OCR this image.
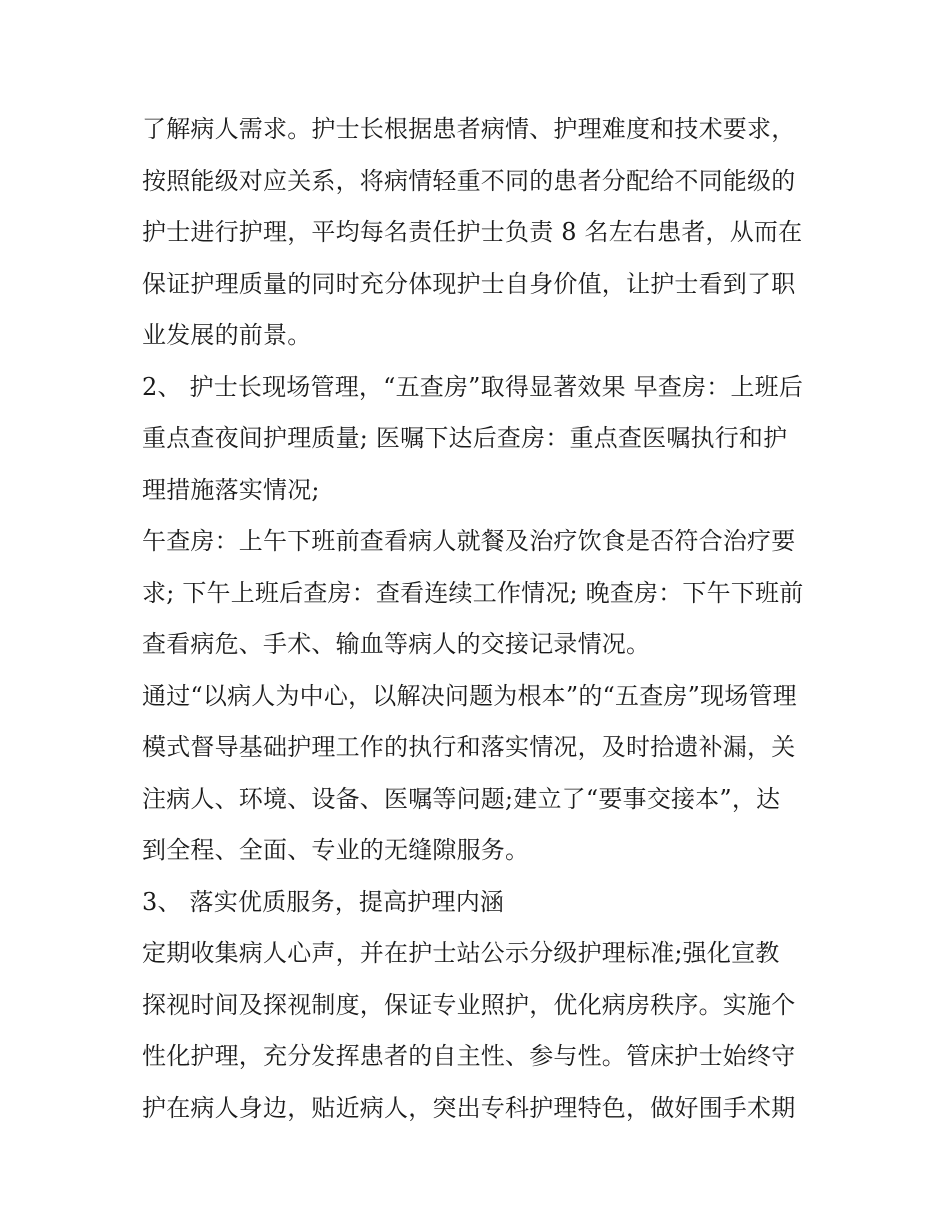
了解病人需求。护士长根据患者病情、护理难度和技术要求，
按照能级对应关系，将病情轻重不同的患者分配给不同能级的
护士进行护理，平均每名责任护士负责 8 名左右患者，从而在
保证护理质量的同时充分体现护士自身价值，让护士看到了职
业发展的前景。
2、 护士长现场管理，“五查房”取得显著效果 早查房：上班后
重点查夜间护理质量; 医嘱下达后查房：重点查医嘱执行和护
理措施落实情况;
午查房：上午下班前查看病人就餐及治疗饮食是否符合治疗要
求; 下午上班后查房：查看连续工作情况; 晚查房：下午下班前
查看病危、手术、输血等病人的交接记录情况。
通过“以病人为中心，以解决问题为根本”的“五查房”现场管理
模式督导基础护理工作的执行和落实情况，及时拾遗补漏，关
注病人、环境、设备、医嘱等问题;建立了“要事交接本”，达
到全程、全面、专业的无缝隙服务。
3、 落实优质服务，提高护理内涵
定期收集病人心声，并在护士站公示分级护理标准;强化宣教
探视时间及探视制度，保证专业照护，优化病房秩序。实施个
性化护理，充分发挥患者的自主性、参与性。管床护士始终守
护在病人身边，贴近病人，突出专科护理特色，做好围手术期
